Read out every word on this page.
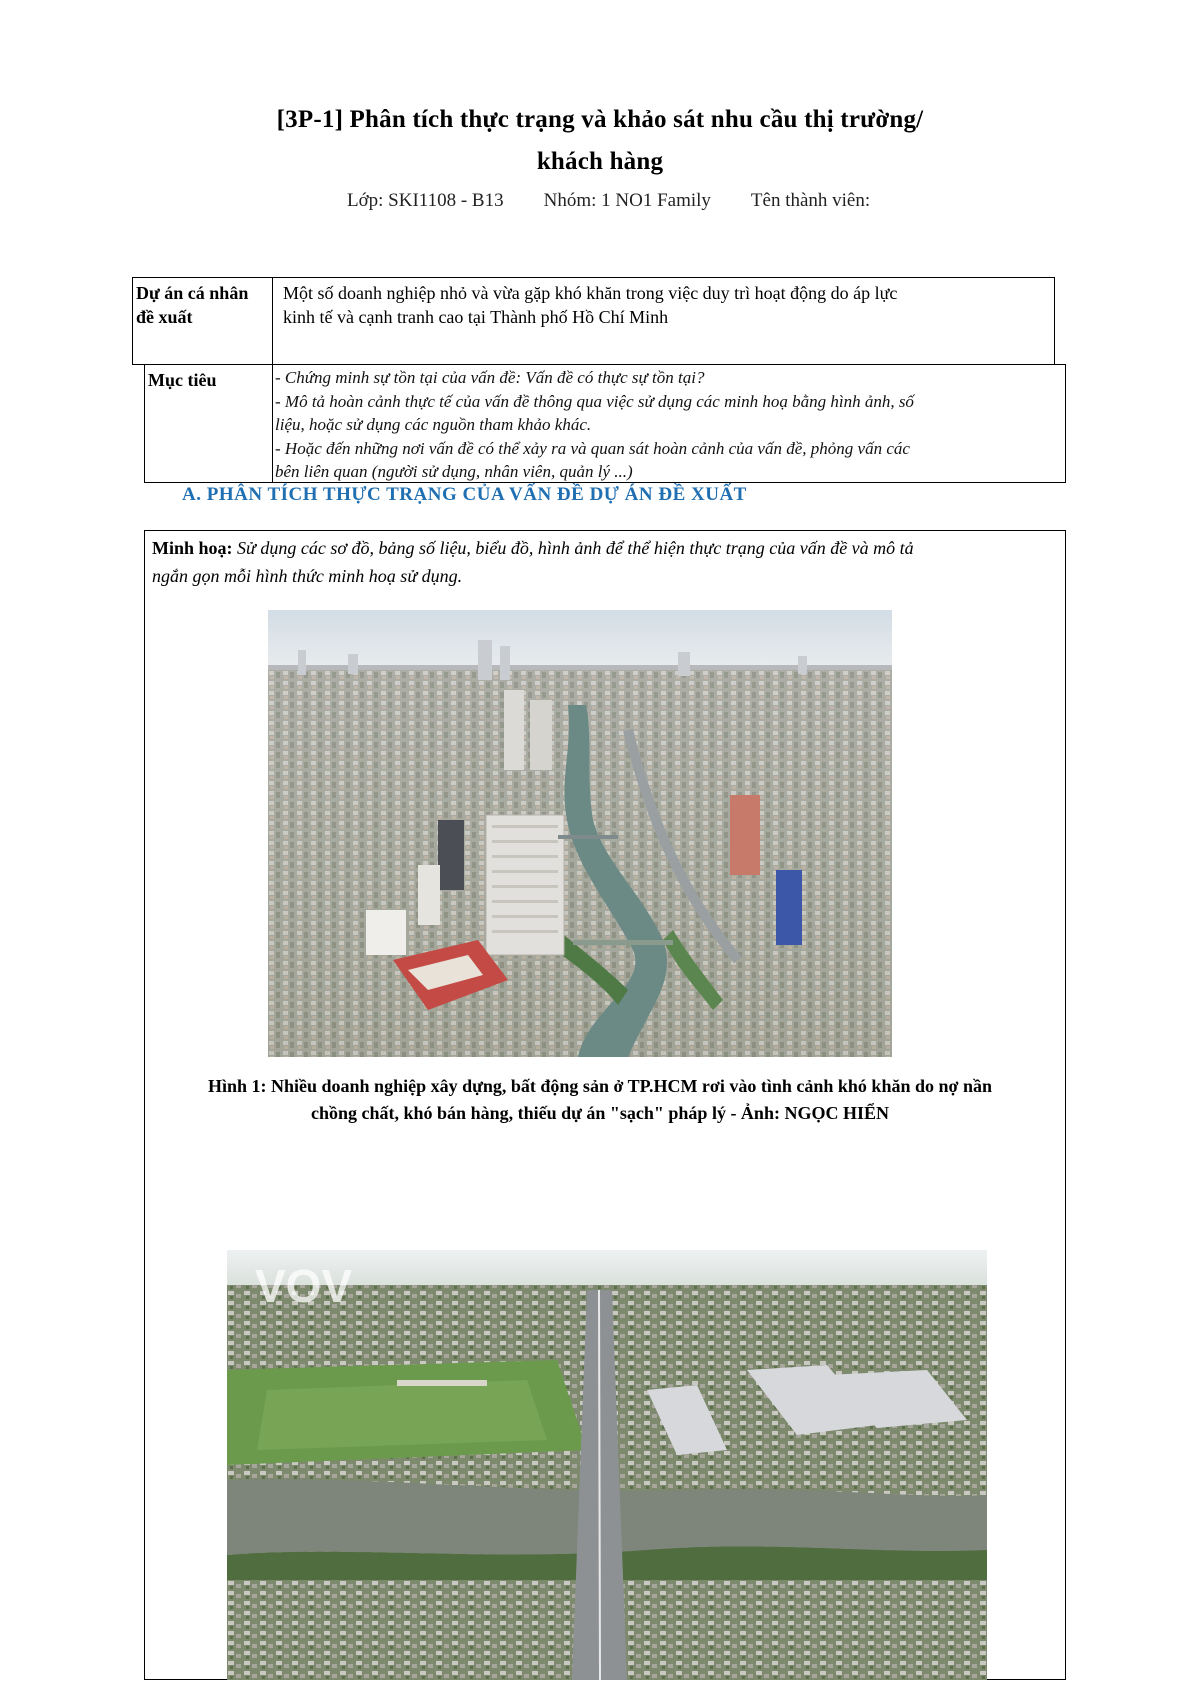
[3P-1] Phân tích thực trạng và khảo sát nhu cầu thị trường/
khách hàng
Lớp: SKI1108 - B13 Nhóm: 1 NO1 Family Tên thành viên:
Dự án cá nhân
đề xuất
Một số doanh nghiệp nhỏ và vừa gặp khó khăn trong việc duy trì hoạt động do áp lực
kinh tế và cạnh tranh cao tại Thành phố Hồ Chí Minh
Mục tiêu	- Chứng minh sự tồn tại của vấn đề: Vấn đề có thực sự tồn tại?
- Mô tả hoàn cảnh thực tế của vấn đề thông qua việc sử dụng các minh hoạ bằng hình ảnh, số
liệu, hoặc sử dụng các nguồn tham khảo khác.
- Hoặc đến những nơi vấn đề có thể xảy ra và quan sát hoàn cảnh của vấn đề, phỏng vấn các
bên liên quan (người sử dụng, nhân viên, quản lý ...)
A. PHÂN TÍCH THỰC TRẠNG CỦA VẤN ĐỀ DỰ ÁN ĐỀ XUẤT
Minh hoạ: Sử dụng các sơ đồ, bảng số liệu, biểu đồ, hình ảnh để thể hiện thực trạng của vấn đề và mô tả
ngắn gọn mỗi hình thức minh hoạ sử dụng.
Hình 1: Nhiều doanh nghiệp xây dựng, bất động sản ở TP.HCM rơi vào tình cảnh khó khăn do nợ nần
chồng chất, khó bán hàng, thiếu dự án "sạch" pháp lý - Ảnh: NGỌC HIỂN
VOV
